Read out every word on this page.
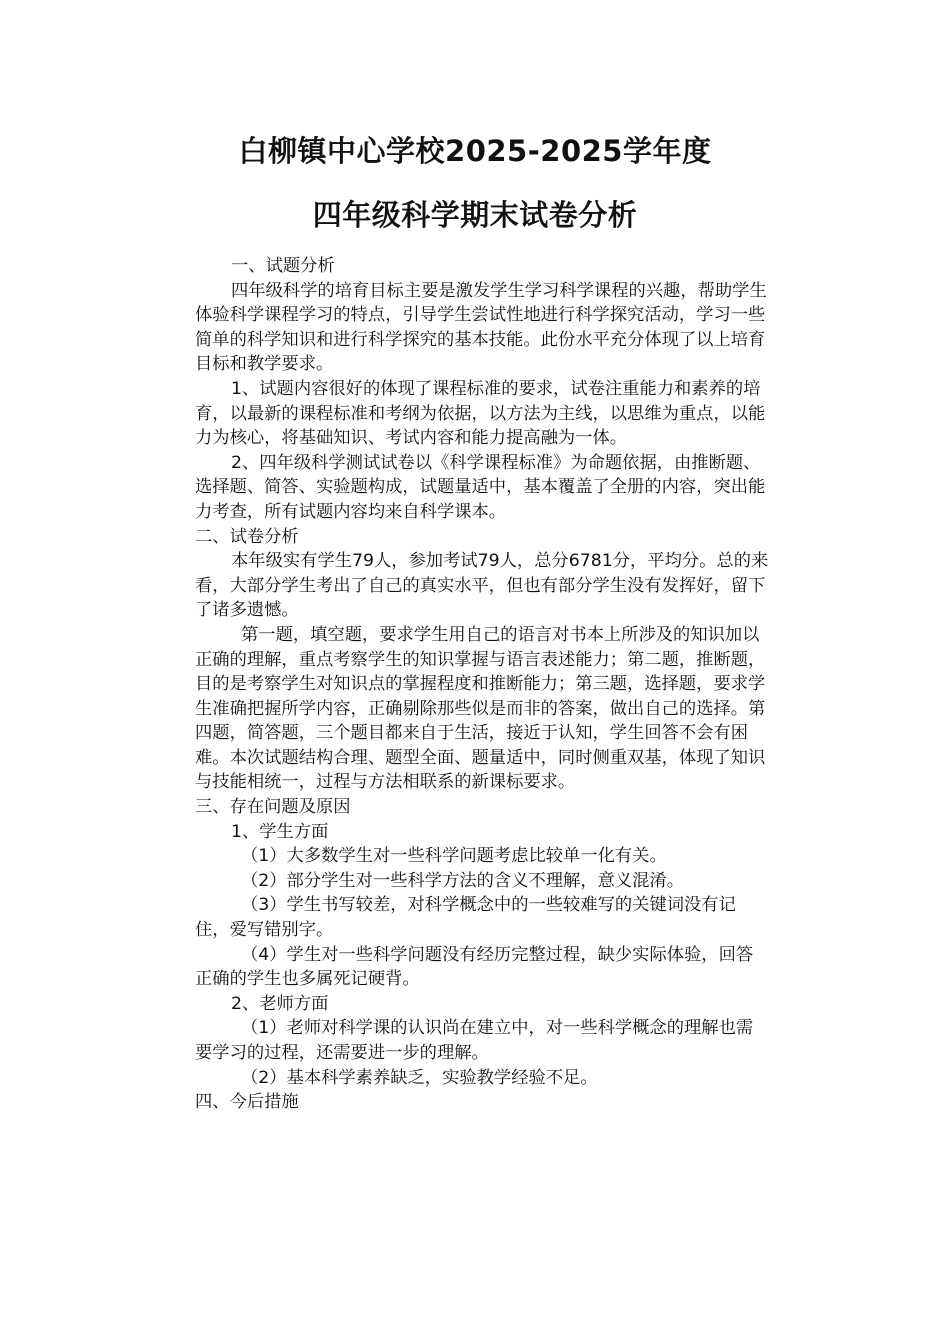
白柳镇中心学校2025-2025学年度
四年级科学期末试卷分析

一、试题分析

四年级科学的培育目标主要是激发学生学习科学课程的兴趣，帮助学生体验科学课程学习的特点，引导学生尝试性地进行科学探究活动，学习一些简单的科学知识和进行科学探究的基本技能。此份水平充分体现了以上培育目标和教学要求。

1、试题内容很好的体现了课程标准的要求，试卷注重能力和素养的培育，以最新的课程标准和考纲为依据，以方法为主线，以思维为重点，以能力为核心，将基础知识、考试内容和能力提高融为一体。

2、四年级科学测试试卷以《科学课程标准》为命题依据，由推断题、选择题、简答、实验题构成，试题量适中，基本覆盖了全册的内容，突出能力考查，所有试题内容均来自科学课本。

二、试卷分析

本年级实有学生79人，参加考试79人，总分6781分，平均分。总的来看，大部分学生考出了自己的真实水平，但也有部分学生没有发挥好，留下了诸多遗憾。

第一题，填空题，要求学生用自己的语言对书本上所涉及的知识加以正确的理解，重点考察学生的知识掌握与语言表述能力；第二题，推断题，目的是考察学生对知识点的掌握程度和推断能力；第三题，选择题，要求学生准确把握所学内容，正确剔除那些似是而非的答案，做出自己的选择。第四题，简答题，三个题目都来自于生活，接近于认知，学生回答不会有困难。本次试题结构合理、题型全面、题量适中，同时侧重双基，体现了知识与技能相统一，过程与方法相联系的新课标要求。

三、存在问题及原因

1、学生方面

（1）大多数学生对一些科学问题考虑比较单一化有关。

（2）部分学生对一些科学方法的含义不理解，意义混淆。

（3）学生书写较差，对科学概念中的一些较难写的关键词没有记住，爱写错别字。

（4）学生对一些科学问题没有经历完整过程，缺少实际体验，回答正确的学生也多属死记硬背。

2、老师方面

（1）老师对科学课的认识尚在建立中，对一些科学概念的理解也需要学习的过程，还需要进一步的理解。

（2）基本科学素养缺乏，实验教学经验不足。

四、今后措施
